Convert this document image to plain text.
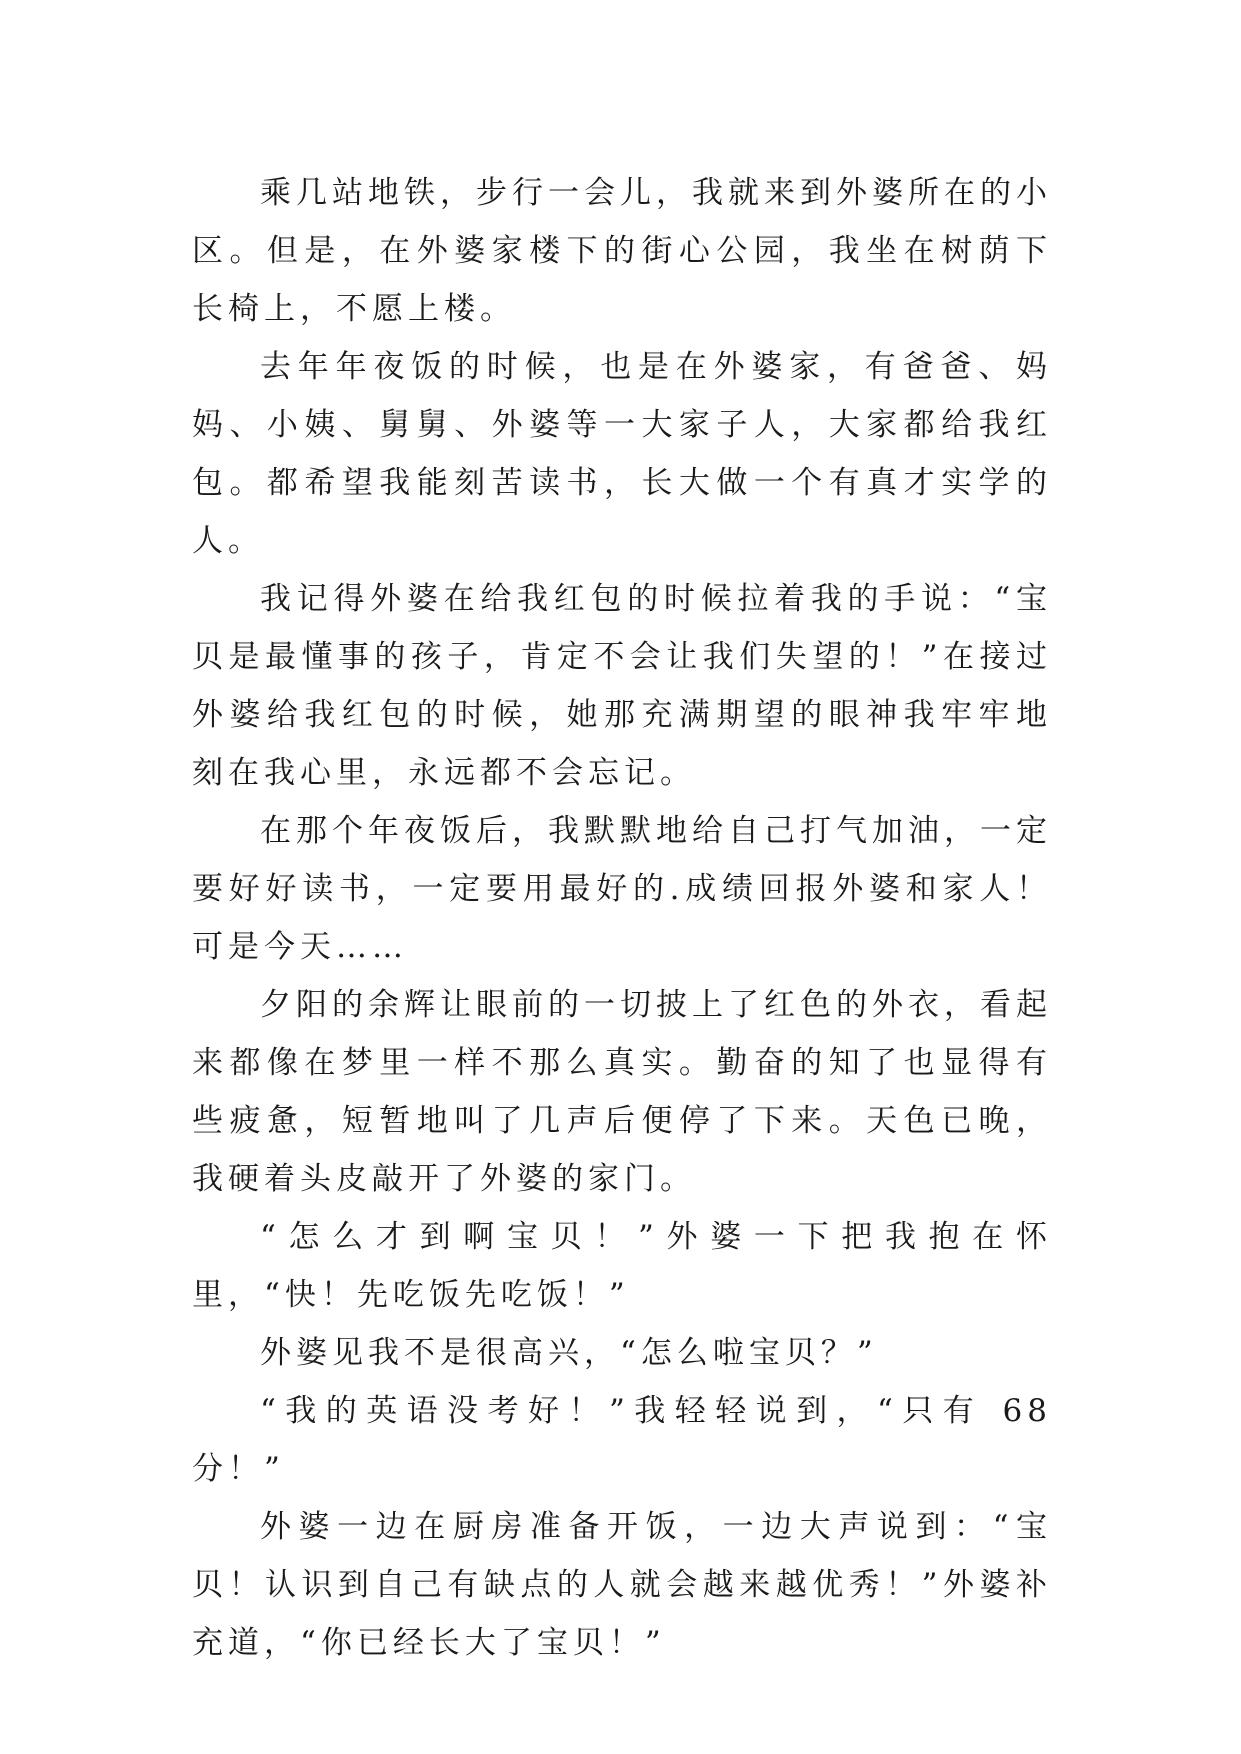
乘几站地铁，步行一会儿，我就来到外婆所在的小区。但是，在外婆家楼下的街心公园，我坐在树荫下长椅上，不愿上楼。

去年年夜饭的时候，也是在外婆家，有爸爸、妈妈、小姨、舅舅、外婆等一大家子人，大家都给我红包。都希望我能刻苦读书，长大做一个有真才实学的人。

我记得外婆在给我红包的时候拉着我的手说：“宝贝是最懂事的孩子，肯定不会让我们失望的！”在接过外婆给我红包的时候，她那充满期望的眼神我牢牢地刻在我心里，永远都不会忘记。

在那个年夜饭后，我默默地给自己打气加油，一定要好好读书，一定要用最好的.成绩回报外婆和家人！可是今天……

夕阳的余辉让眼前的一切披上了红色的外衣，看起来都像在梦里一样不那么真实。勤奋的知了也显得有些疲惫，短暂地叫了几声后便停了下来。天色已晚，我硬着头皮敲开了外婆的家门。

“怎么才到啊宝贝！”外婆一下把我抱在怀里，“快！先吃饭先吃饭！”

外婆见我不是很高兴，“怎么啦宝贝？”

“我的英语没考好！”我轻轻说到，“只有 68 分！”

外婆一边在厨房准备开饭，一边大声说到：“宝贝！认识到自己有缺点的人就会越来越优秀！”外婆补充道，“你已经长大了宝贝！”
